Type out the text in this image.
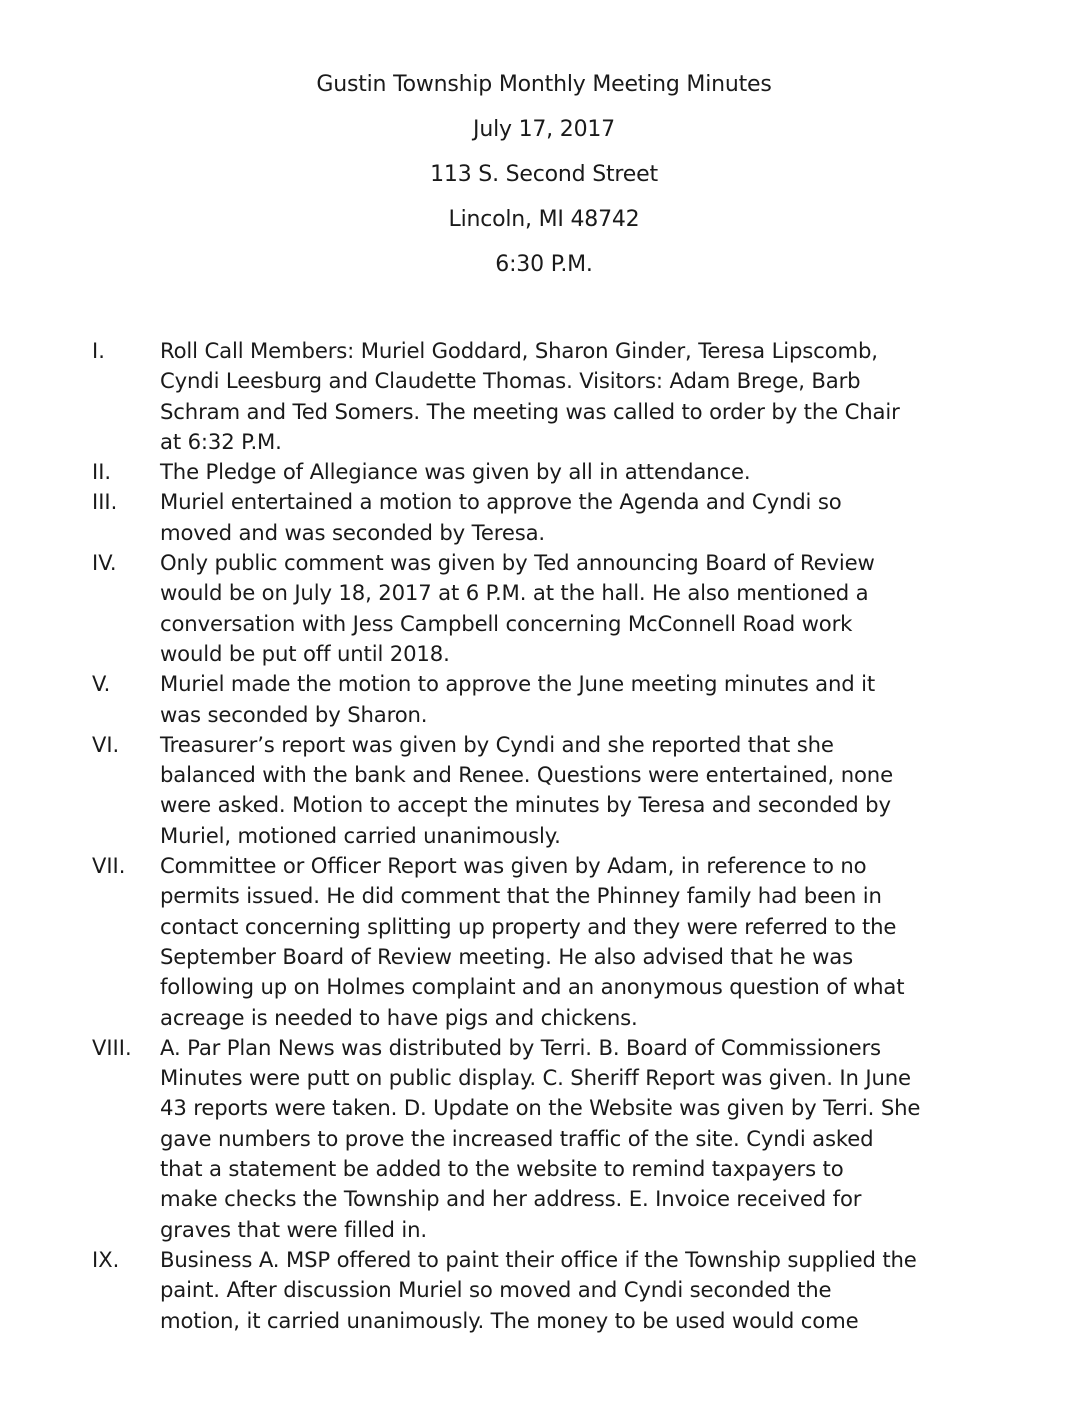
Gustin Township Monthly Meeting Minutes
July 17, 2017
113 S. Second Street
Lincoln, MI 48742
6:30 P.M.
I.	Roll Call Members: Muriel Goddard, Sharon Ginder, Teresa Lipscomb,
Cyndi Leesburg and Claudette Thomas. Visitors: Adam Brege, Barb
Schram and Ted Somers. The meeting was called to order by the Chair
at 6:32 P.M.
II. The Pledge of Allegiance was given by all in attendance.
III. Muriel entertained a motion to approve the Agenda and Cyndi so
moved and was seconded by Teresa.
IV. Only public comment was given by Ted announcing Board of Review
would be on July 18, 2017 at 6 P.M. at the hall. He also mentioned a
conversation with Jess Campbell concerning McConnell Road work
would be put off until 2018.
V. Muriel made the motion to approve the June meeting minutes and it
was seconded by Sharon.
VI. Treasurer’s report was given by Cyndi and she reported that she
balanced with the bank and Renee. Questions were entertained, none
were asked. Motion to accept the minutes by Teresa and seconded by
Muriel, motioned carried unanimously.
VII. Committee or Officer Report was given by Adam, in reference to no
permits issued. He did comment that the Phinney family had been in
contact concerning splitting up property and they were referred to the
September Board of Review meeting. He also advised that he was
following up on Holmes complaint and an anonymous question of what
acreage is needed to have pigs and chickens.
VIII. A. Par Plan News was distributed by Terri. B. Board of Commissioners
Minutes were putt on public display. C. Sheriff Report was given. In June
43 reports were taken. D. Update on the Website was given by Terri. She
gave numbers to prove the increased traffic of the site. Cyndi asked
that a statement be added to the website to remind taxpayers to
make checks the Township and her address. E. Invoice received for
graves that were filled in.
IX. Business A. MSP offered to paint their office if the Township supplied the
paint. After discussion Muriel so moved and Cyndi seconded the
motion, it carried unanimously. The money to be used would come
